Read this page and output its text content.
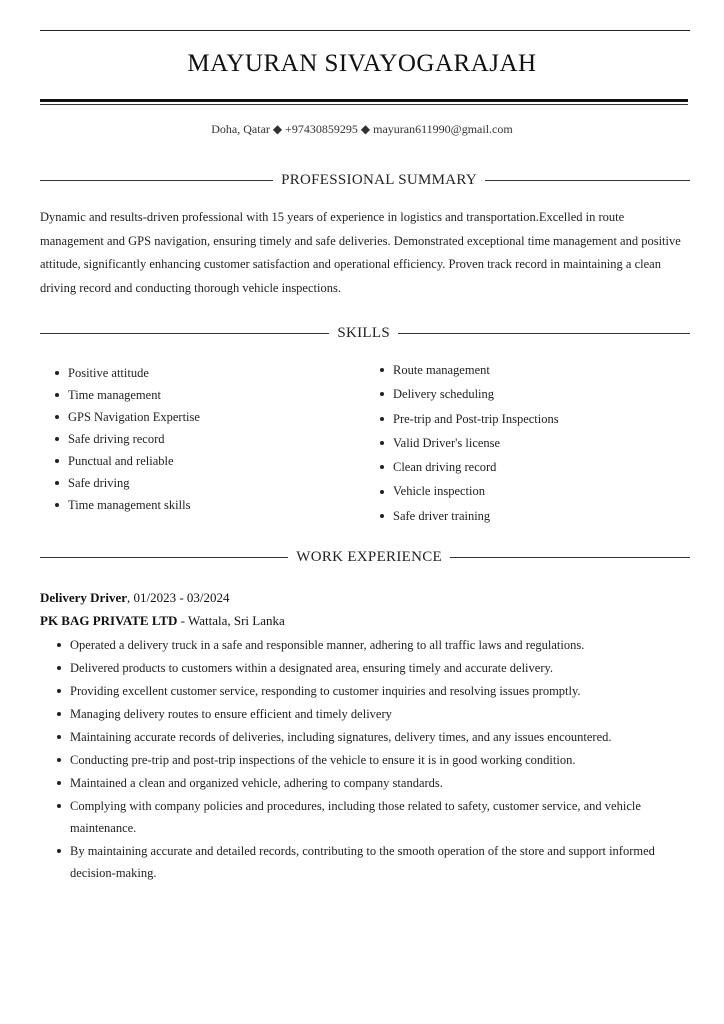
MAYURAN SIVAYOGARAJAH
Doha, Qatar ◆ +97430859295 ◆ mayuran611990@gmail.com
PROFESSIONAL SUMMARY
Dynamic and results-driven professional with 15 years of experience in logistics and transportation.Excelled in route management and GPS navigation, ensuring timely and safe deliveries. Demonstrated exceptional time management and positive attitude, significantly enhancing customer satisfaction and operational efficiency. Proven track record in maintaining a clean driving record and conducting thorough vehicle inspections.
SKILLS
Positive attitude
Time management
GPS Navigation Expertise
Safe driving record
Punctual and reliable
Safe driving
Time management skills
Route management
Delivery scheduling
Pre-trip and Post-trip Inspections
Valid Driver's license
Clean driving record
Vehicle inspection
Safe driver training
WORK EXPERIENCE
Delivery Driver, 01/2023 - 03/2024
PK BAG PRIVATE LTD - Wattala, Sri Lanka
Operated a delivery truck in a safe and responsible manner, adhering to all traffic laws and regulations.
Delivered products to customers within a designated area, ensuring timely and accurate delivery.
Providing excellent customer service, responding to customer inquiries and resolving issues promptly.
Managing delivery routes to ensure efficient and timely delivery
Maintaining accurate records of deliveries, including signatures, delivery times, and any issues encountered.
Conducting pre-trip and post-trip inspections of the vehicle to ensure it is in good working condition.
Maintained a clean and organized vehicle, adhering to company standards.
Complying with company policies and procedures, including those related to safety, customer service, and vehicle maintenance.
By maintaining accurate and detailed records, contributing to the smooth operation of the store and support informed decision-making.
